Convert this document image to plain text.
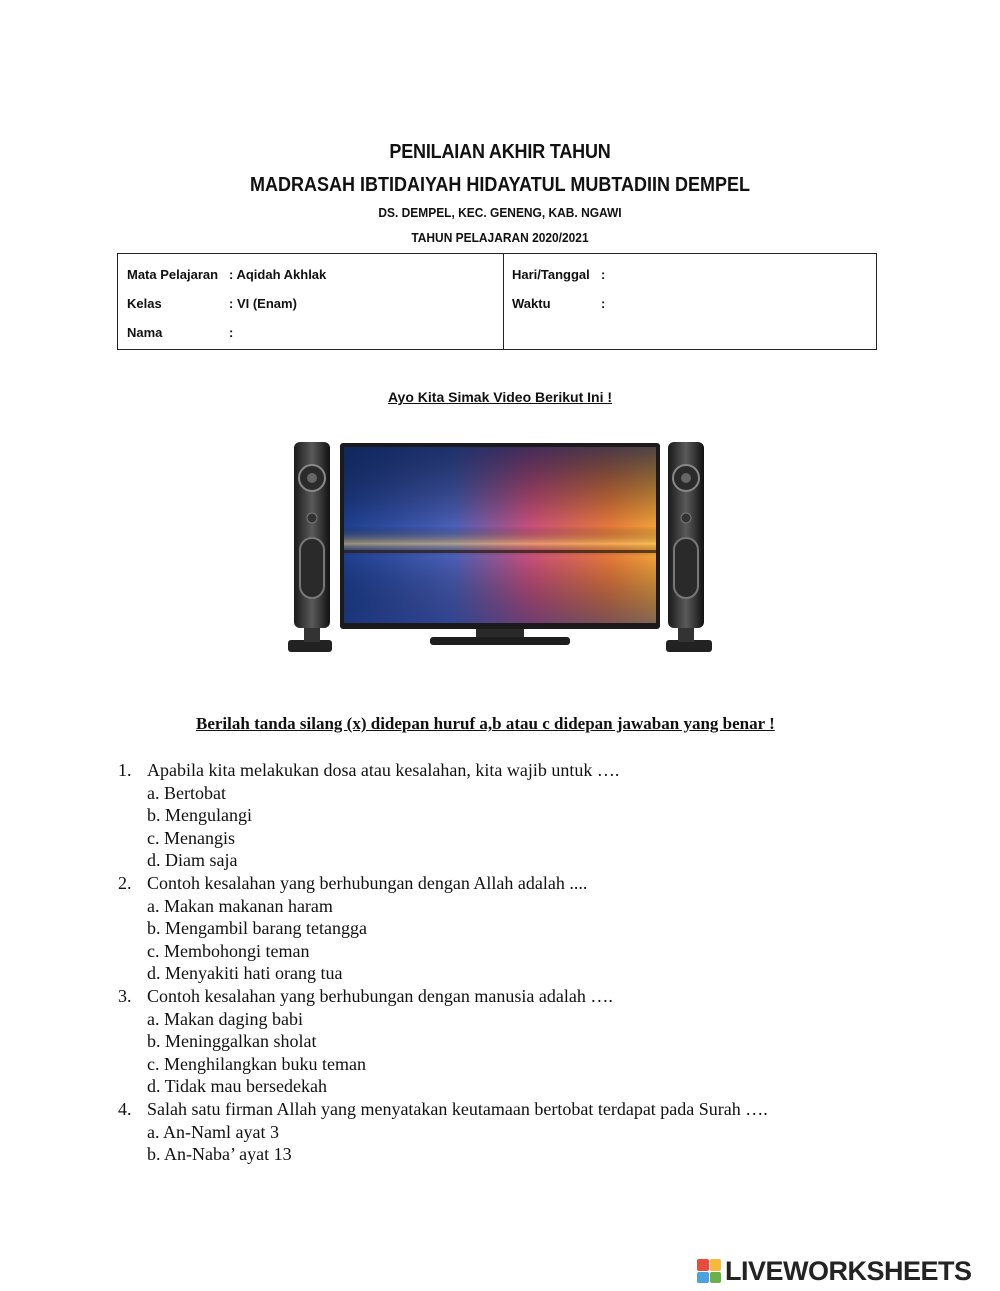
PENILAIAN AKHIR TAHUN
MADRASAH IBTIDAIYAH HIDAYATUL MUBTADIIN DEMPEL
DS. DEMPEL, KEC. GENENG, KAB. NGAWI
TAHUN PELAJARAN 2020/2021
Mata Pelajaran : Aqidah Akhlak
Kelas	: VI (Enam)
Nama	:
Hari/Tanggal :
Waktu	:
Ayo Kita Simak Video Berikut Ini !
Berilah tanda silang (x) didepan huruf a,b atau c didepan jawaban yang benar !
1. Apabila kita melakukan dosa atau kesalahan, kita wajib untuk ….
a. Bertobat
b. Mengulangi
c. Menangis
d. Diam saja
2. Contoh kesalahan yang berhubungan dengan Allah adalah ....
a. Makan makanan haram
b. Mengambil barang tetangga
c. Membohongi teman
d. Menyakiti hati orang tua
3. Contoh kesalahan yang berhubungan dengan manusia adalah ….
a. Makan daging babi
b. Meninggalkan sholat
c. Menghilangkan buku teman
d. Tidak mau bersedekah
4. Salah satu firman Allah yang menyatakan keutamaan bertobat terdapat pada Surah ….
a. An-Naml ayat 3
b. An-Naba’ ayat 13
LIVEWORKSHEETS
